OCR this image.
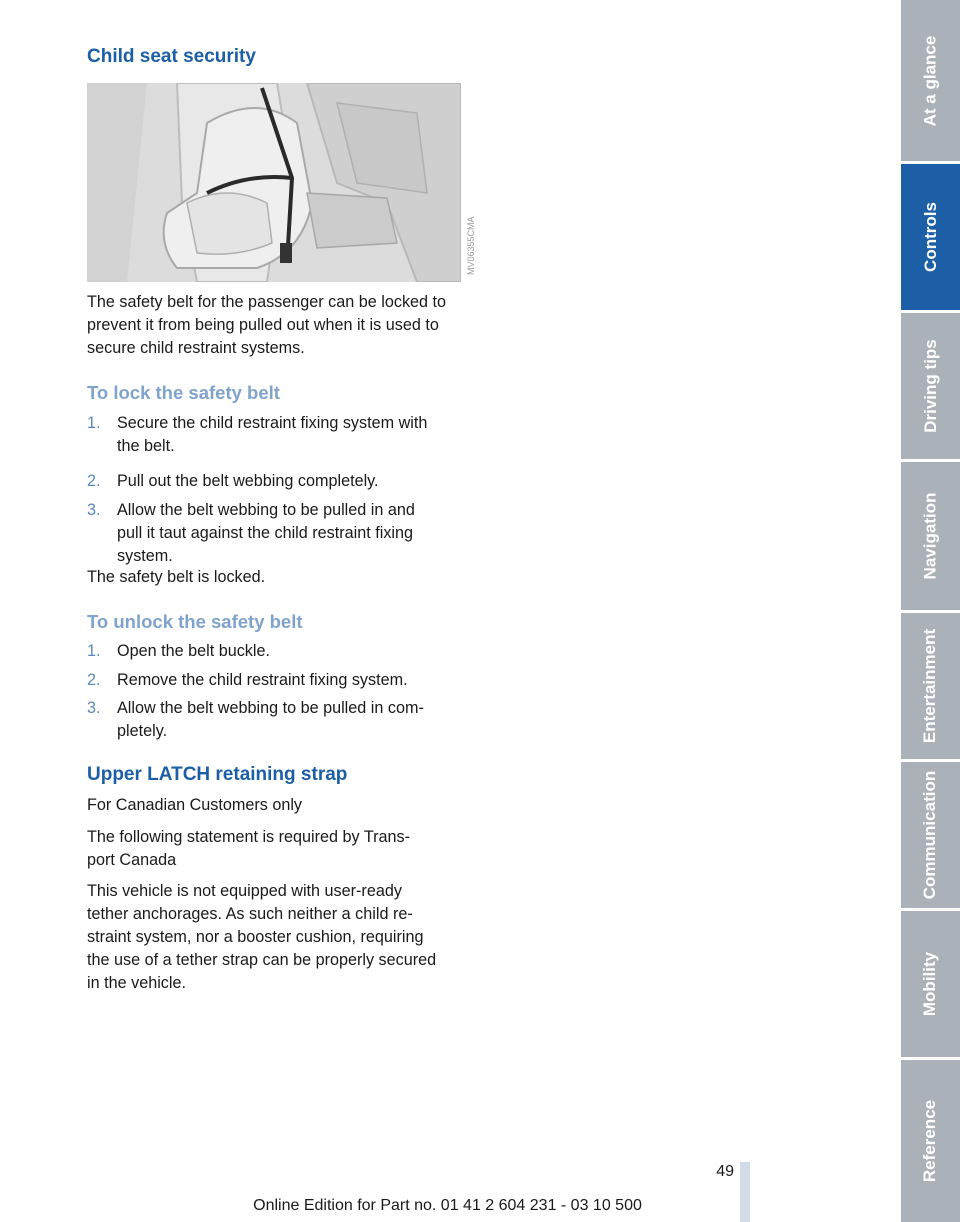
Child seat security
MV06355CMA

The safety belt for the passenger can be locked to prevent it from being pulled out when it is used to secure child restraint systems.

To lock the safety belt
1. Secure the child restraint fixing system with
the belt.
2. Pull out the belt webbing completely.
3. Allow the belt webbing to be pulled in and
pull it taut against the child restraint fixing
system.

The safety belt is locked.

To unlock the safety belt
1. Open the belt buckle.
2. Remove the child restraint fixing system.
3. Allow the belt webbing to be pulled in com-
pletely.
Upper LATCH retaining strap

For Canadian Customers only

The following statement is required by Trans-
port Canada

This vehicle is not equipped with user-ready
tether anchorages. As such neither a child re-
straint system, nor a booster cushion, requiring
the use of a tether strap can be properly secured
in the vehicle.

At a glance
Controls
Driving tips
Navigation
Entertainment
Communication
Mobility
Reference
49
Online Edition for Part no. 01 41 2 604 231 - 03 10 500
